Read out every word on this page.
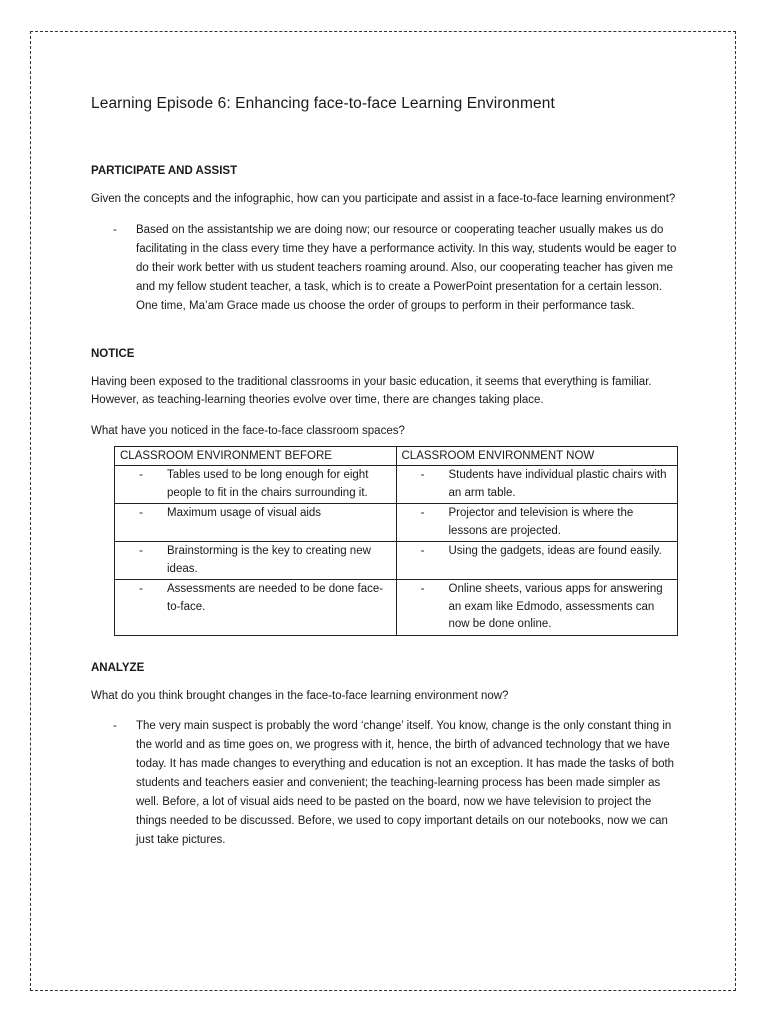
Learning Episode 6: Enhancing face-to-face Learning Environment
PARTICIPATE AND ASSIST

Given the concepts and the infographic, how can you participate and assist in a face-to-face learning environment?

-	Based on the assistantship we are doing now; our resource or cooperating teacher usually makes us do facilitating in the class every time they have a performance activity. In this way, students would be eager to do their work better with us student teachers roaming around. Also, our cooperating teacher has given me and my fellow student teacher, a task, which is to create a PowerPoint presentation for a certain lesson. One time, Ma’am Grace made us choose the order of groups to perform in their performance task.
NOTICE

Having been exposed to the traditional classrooms in your basic education, it seems that everything is familiar. However, as teaching-learning theories evolve over time, there are changes taking place.

What have you noticed in the face-to-face classroom spaces?

CLASSROOM ENVIRONMENT BEFORE	CLASSROOM ENVIRONMENT NOW

- Tables used to be long enough for eight people to fit in the chairs surrounding it.	- Students have individual plastic chairs with an arm table.

- Maximum usage of visual aids	- Projector and television is where the lessons are projected.

- Brainstorming is the key to creating new ideas.	- Using the gadgets, ideas are found easily.

- Assessments are needed to be done face-to-face.	- Online sheets, various apps for answering an exam like Edmodo, assessments can now be done online.
ANALYZE

What do you think brought changes in the face-to-face learning environment now?

-	The very main suspect is probably the word ‘change’ itself. You know, change is the only constant thing in the world and as time goes on, we progress with it, hence, the birth of advanced technology that we have today. It has made changes to everything and education is not an exception. It has made the tasks of both students and teachers easier and convenient; the teaching-learning process has been made simpler as well. Before, a lot of visual aids need to be pasted on the board, now we have television to project the things needed to be discussed. Before, we used to copy important details on our notebooks, now we can just take pictures.
